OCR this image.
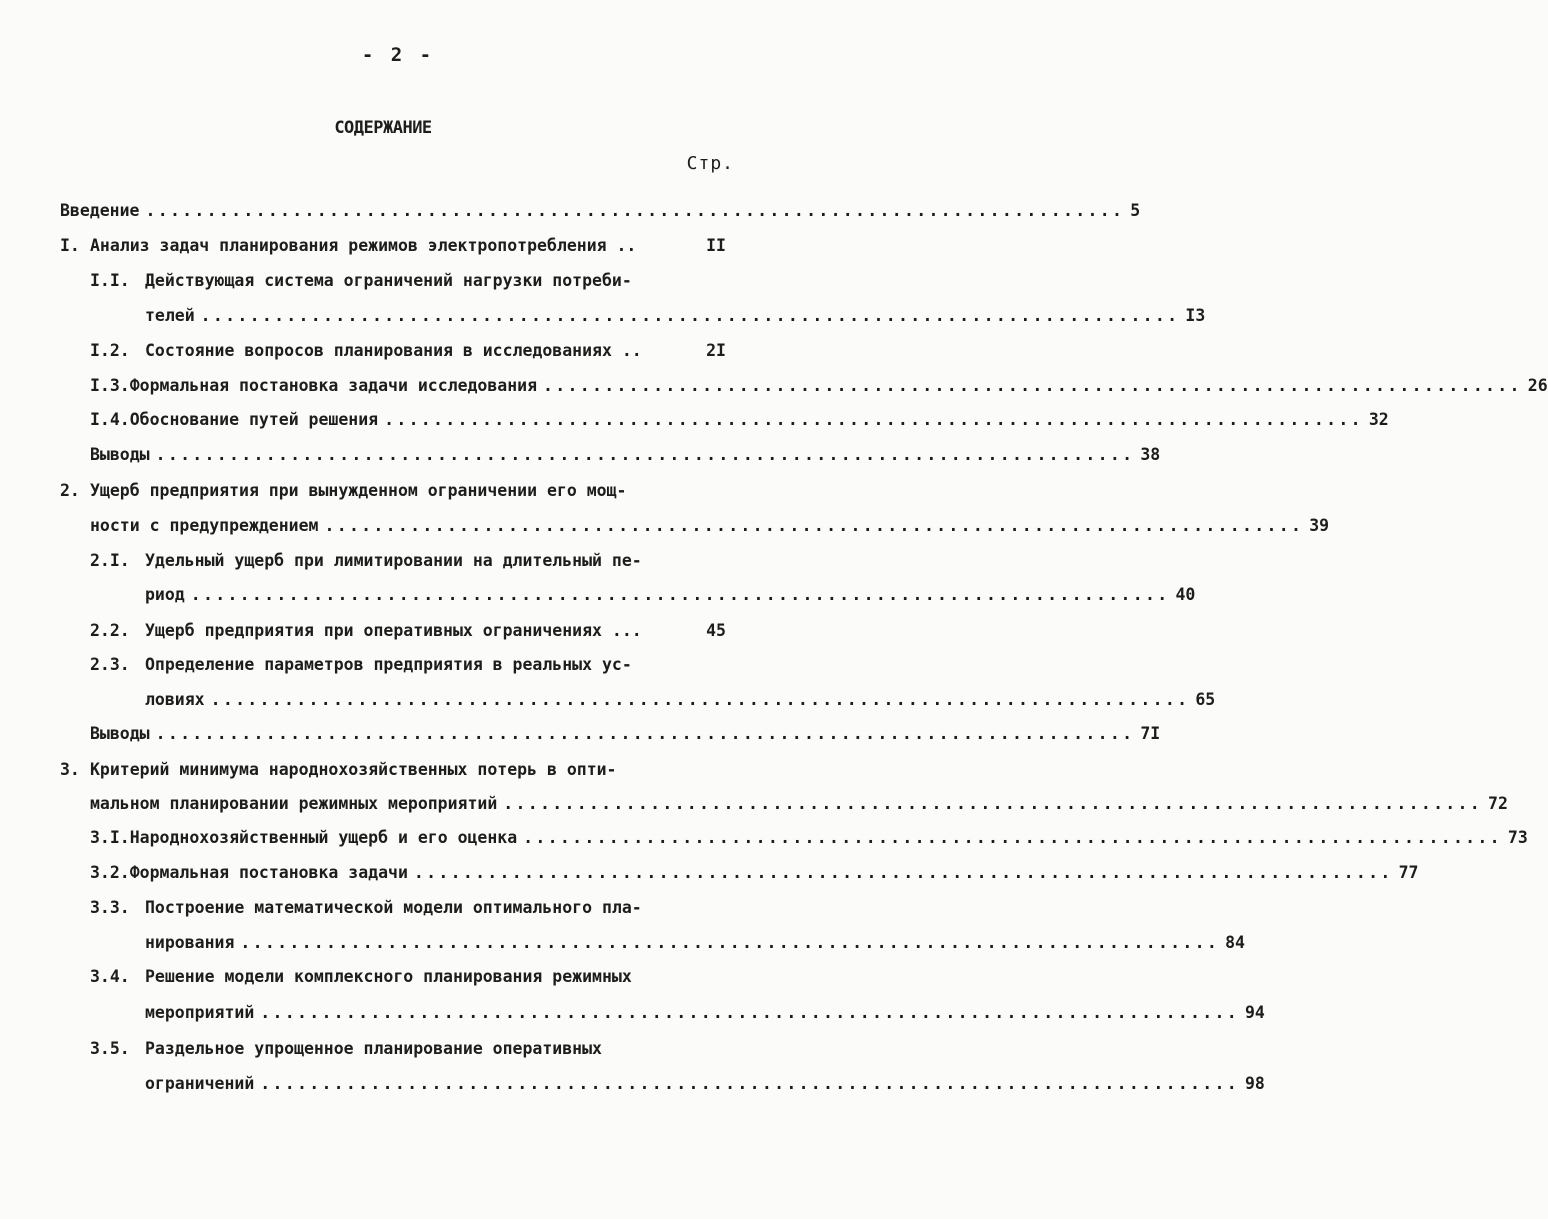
- 2 -
СОДЕРЖАНИЕ
Стр.
Введение ................................................................................ 5
I. Анализ задач планирования режимов электропотребления ..	II
I.I. Действующая система ограничений нагрузки потреби-
телей ................................................................................ I3
I.2. Состояние вопросов планирования в исследованиях ..	2I
I.3. Формальная постановка задачи исследования ................................................................................ 26
I.4. Обоснование путей решения ................................................................................ 32
Выводы ................................................................................ 38
2. Ущерб предприятия при вынужденном ограничении его мощ-
ности с предупреждением ................................................................................ 39
2.I. Удельный ущерб при лимитировании на длительный пе-
риод ................................................................................ 40
2.2. Ущерб предприятия при оперативных ограничениях ...	45
2.3. Определение параметров предприятия в реальных ус-
ловиях ................................................................................ 65
Выводы ................................................................................ 7I
3. Критерий минимума народнохозяйственных потерь в опти-
мальном планировании режимных мероприятий ................................................................................ 72
3.I. Народнохозяйственный ущерб и его оценка ................................................................................ 73
3.2. Формальная постановка задачи ................................................................................ 77
3.3. Построение математической модели оптимального пла-
нирования ................................................................................ 84
3.4. Решение модели комплексного планирования режимных
мероприятий ................................................................................ 94
3.5. Раздельное упрощенное планирование оперативных
ограничений ................................................................................ 98
